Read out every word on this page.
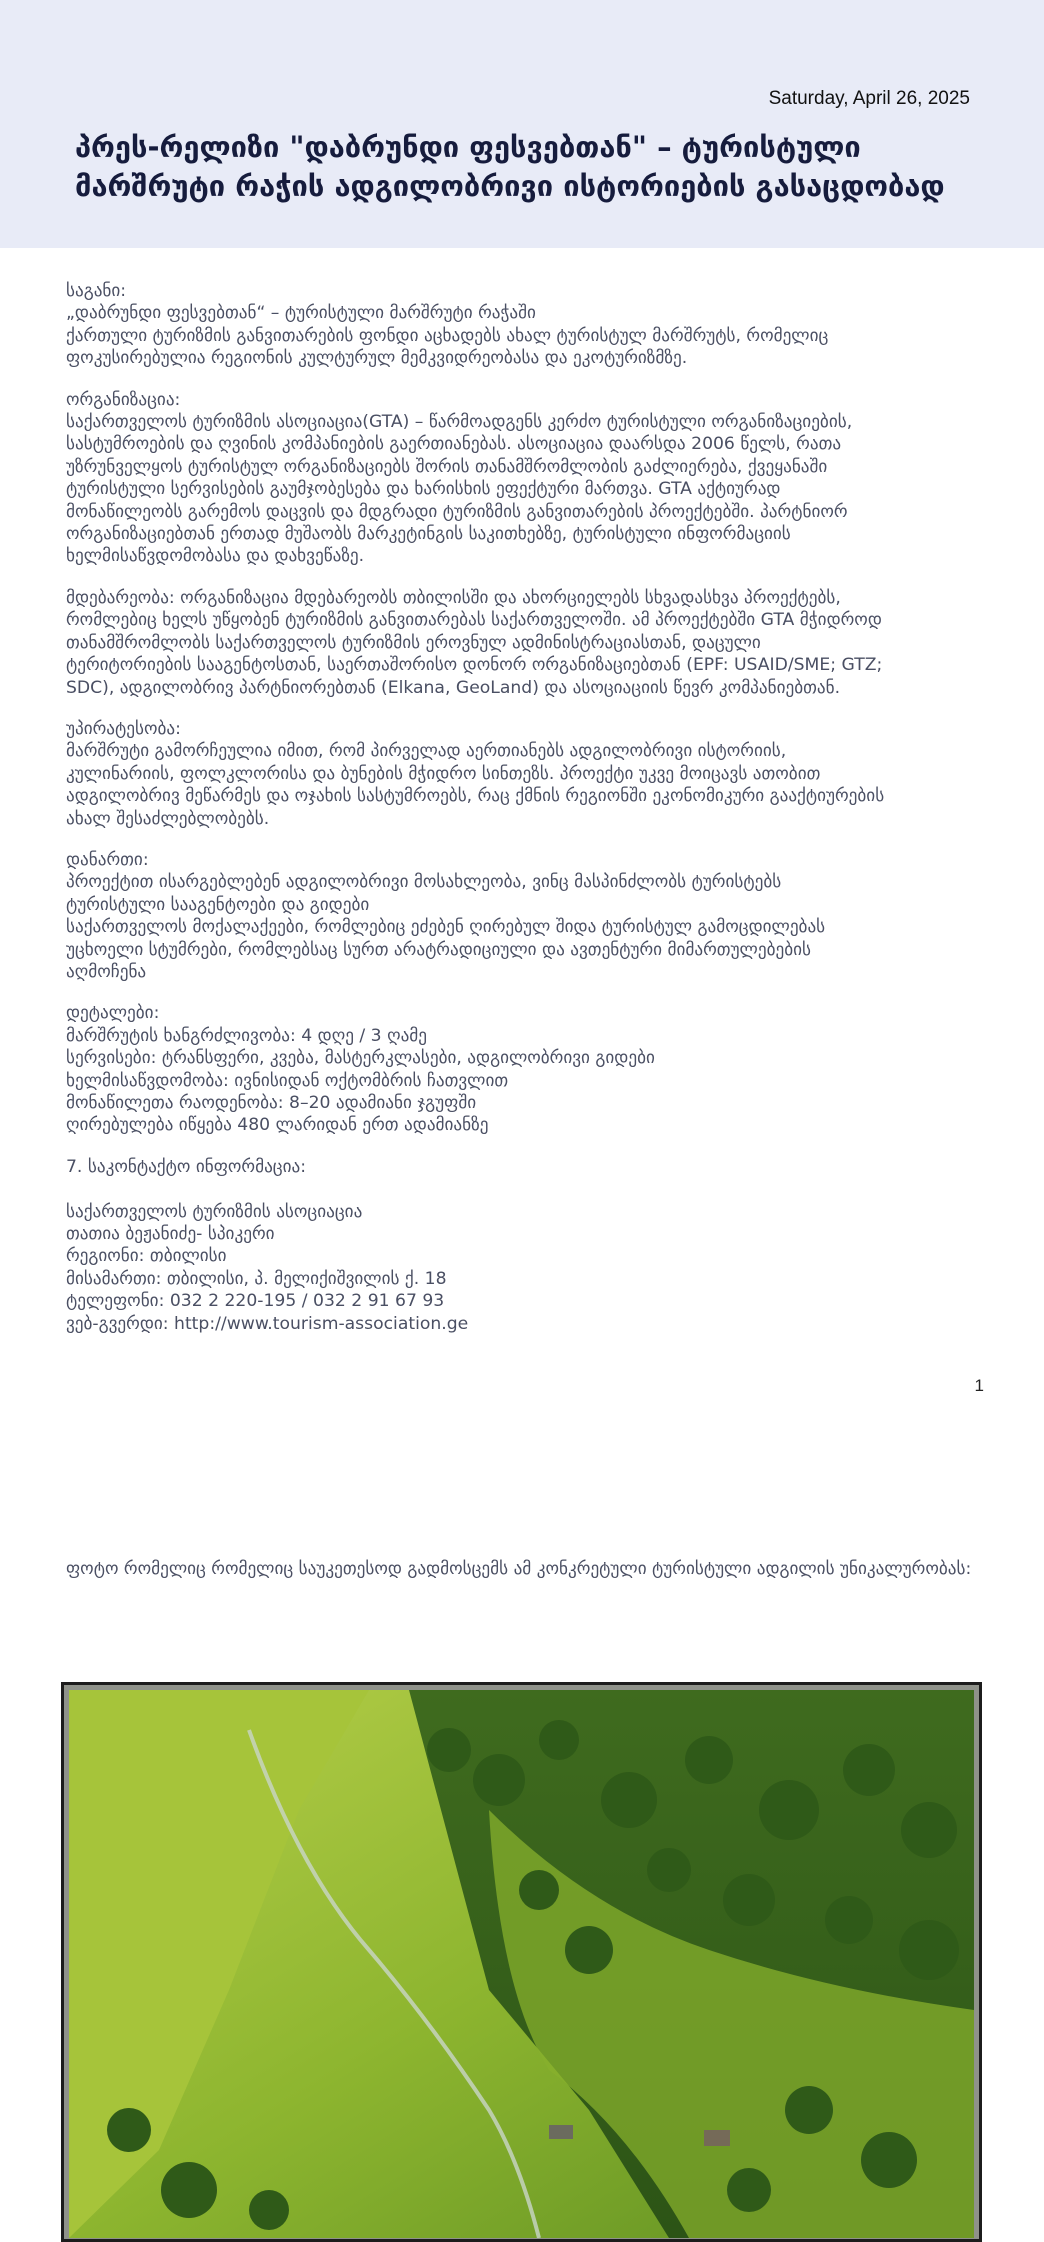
Saturday, April 26, 2025
პრეს-რელიზი "დაბრუნდი ფესვებთან" – ტურისტული მარშრუტი რაჭის ადგილობრივი ისტორიების გასაცდობად
საგანი:
„დაბრუნდი ფესვებთან“ – ტურისტული მარშრუტი რაჭაში
ქართული ტურიზმის განვითარების ფონდი აცხადებს ახალ ტურისტულ მარშრუტს, რომელიც
ფოკუსირებულია რეგიონის კულტურულ მემკვიდრეობასა და ეკოტურიზმზე.
ორგანიზაცია:
საქართველოს ტურიზმის ასოციაცია(GTA) – წარმოადგენს კერძო ტურისტული ორგანიზაციების,
სასტუმროების და ღვინის კომპანიების გაერთიანებას. ასოციაცია დაარსდა 2006 წელს, რათა
უზრუნველყოს ტურისტულ ორგანიზაციებს შორის თანამშრომლობის გაძლიერება, ქვეყანაში
ტურისტული სერვისების გაუმჯობესება და ხარისხის ეფექტური მართვა. GTA აქტიურად
მონაწილეობს გარემოს დაცვის და მდგრადი ტურიზმის განვითარების პროექტებში. პარტნიორ
ორგანიზაციებთან ერთად მუშაობს მარკეტინგის საკითხებზე, ტურისტული ინფორმაციის
ხელმისაწვდომობასა და დახვეწაზე.
მდებარეობა: ორგანიზაცია მდებარეობს თბილისში და ახორციელებს სხვადასხვა პროექტებს,
რომლებიც ხელს უწყობენ ტურიზმის განვითარებას საქართველოში. ამ პროექტებში GTA მჭიდროდ
თანამშრომლობს საქართველოს ტურიზმის ეროვნულ ადმინისტრაციასთან, დაცული
ტერიტორიების სააგენტოსთან, საერთაშორისო დონორ ორგანიზაციებთან (EPF: USAID/SME; GTZ;
SDC), ადგილობრივ პარტნიორებთან (Elkana, GeoLand) და ასოციაციის წევრ კომპანიებთან.
უპირატესობა:
მარშრუტი გამორჩეულია იმით, რომ პირველად აერთიანებს ადგილობრივი ისტორიის,
კულინარიის, ფოლკლორისა და ბუნების მჭიდრო სინთეზს. პროექტი უკვე მოიცავს ათობით
ადგილობრივ მეწარმეს და ოჯახის სასტუმროებს, რაც ქმნის რეგიონში ეკონომიკური გააქტიურების
ახალ შესაძლებლობებს.
დანართი:
პროექტით ისარგებლებენ ადგილობრივი მოსახლეობა, ვინც მასპინძლობს ტურისტებს
ტურისტული სააგენტოები და გიდები
საქართველოს მოქალაქეები, რომლებიც ეძებენ ღირებულ შიდა ტურისტულ გამოცდილებას
უცხოელი სტუმრები, რომლებსაც სურთ არატრადიციული და ავთენტური მიმართულებების
აღმოჩენა
დეტალები:
მარშრუტის ხანგრძლივობა: 4 დღე / 3 ღამე
სერვისები: ტრანსფერი, კვება, მასტერკლასები, ადგილობრივი გიდები
ხელმისაწვდომობა: ივნისიდან ოქტომბრის ჩათვლით
მონაწილეთა რაოდენობა: 8–20 ადამიანი ჯგუფში
ღირებულება იწყება 480 ლარიდან ერთ ადამიანზე
7. საკონტაქტო ინფორმაცია:

საქართველოს ტურიზმის ასოციაცია
თათია ბეჟანიძე- სპიკერი
რეგიონი: თბილისი
მისამართი: თბილისი, პ. მელიქიშვილის ქ. 18
ტელეფონი: 032 2 220-195 / 032 2 91 67 93
ვებ-გვერდი: http://www.tourism-association.ge
1
ფოტო რომელიც რომელიც საუკეთესოდ გადმოსცემს ამ კონკრეტული ტურისტული ადგილის უნიკალურობას:
